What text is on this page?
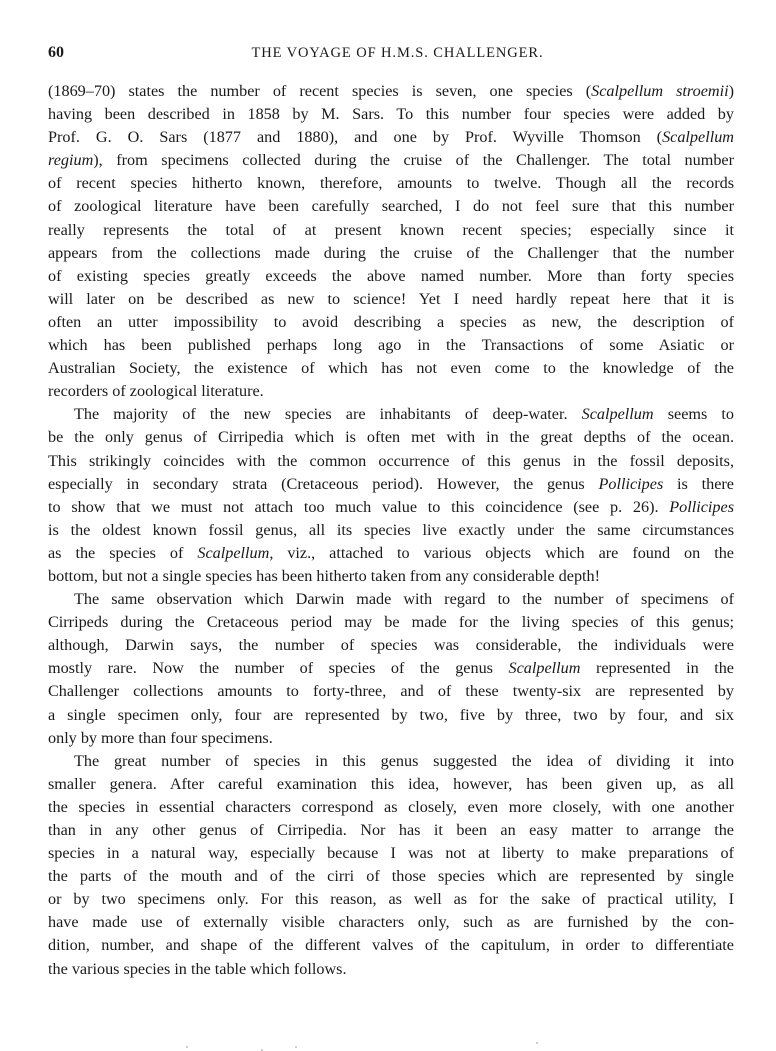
60	THE VOYAGE OF H.M.S. CHALLENGER.
(1869–70) states the number of recent species is seven, one species (Scalpellum stroemii)
having been described in 1858 by M. Sars. To this number four species were added by
Prof. G. O. Sars (1877 and 1880), and one by Prof. Wyville Thomson (Scalpellum
regium), from specimens collected during the cruise of the Challenger. The total number
of recent species hitherto known, therefore, amounts to twelve. Though all the records
of zoological literature have been carefully searched, I do not feel sure that this number
really represents the total of at present known recent species; especially since it
appears from the collections made during the cruise of the Challenger that the number
of existing species greatly exceeds the above named number. More than forty species
will later on be described as new to science! Yet I need hardly repeat here that it is
often an utter impossibility to avoid describing a species as new, the description of
which has been published perhaps long ago in the Transactions of some Asiatic or
Australian Society, the existence of which has not even come to the knowledge of the
recorders of zoological literature.
The majority of the new species are inhabitants of deep-water. Scalpellum seems to
be the only genus of Cirripedia which is often met with in the great depths of the ocean.
This strikingly coincides with the common occurrence of this genus in the fossil deposits,
especially in secondary strata (Cretaceous period). However, the genus Pollicipes is there
to show that we must not attach too much value to this coincidence (see p. 26). Pollicipes
is the oldest known fossil genus, all its species live exactly under the same circumstances
as the species of Scalpellum, viz., attached to various objects which are found on the
bottom, but not a single species has been hitherto taken from any considerable depth!
The same observation which Darwin made with regard to the number of specimens of
Cirripeds during the Cretaceous period may be made for the living species of this genus;
although, Darwin says, the number of species was considerable, the individuals were
mostly rare. Now the number of species of the genus Scalpellum represented in the
Challenger collections amounts to forty-three, and of these twenty-six are represented by
a single specimen only, four are represented by two, five by three, two by four, and six
only by more than four specimens.
The great number of species in this genus suggested the idea of dividing it into
smaller genera. After careful examination this idea, however, has been given up, as all
the species in essential characters correspond as closely, even more closely, with one another
than in any other genus of Cirripedia. Nor has it been an easy matter to arrange the
species in a natural way, especially because I was not at liberty to make preparations of
the parts of the mouth and of the cirri of those species which are represented by single
or by two specimens only. For this reason, as well as for the sake of practical utility, I
have made use of externally visible characters only, such as are furnished by the con-
dition, number, and shape of the different valves of the capitulum, in order to differentiate
the various species in the table which follows.
